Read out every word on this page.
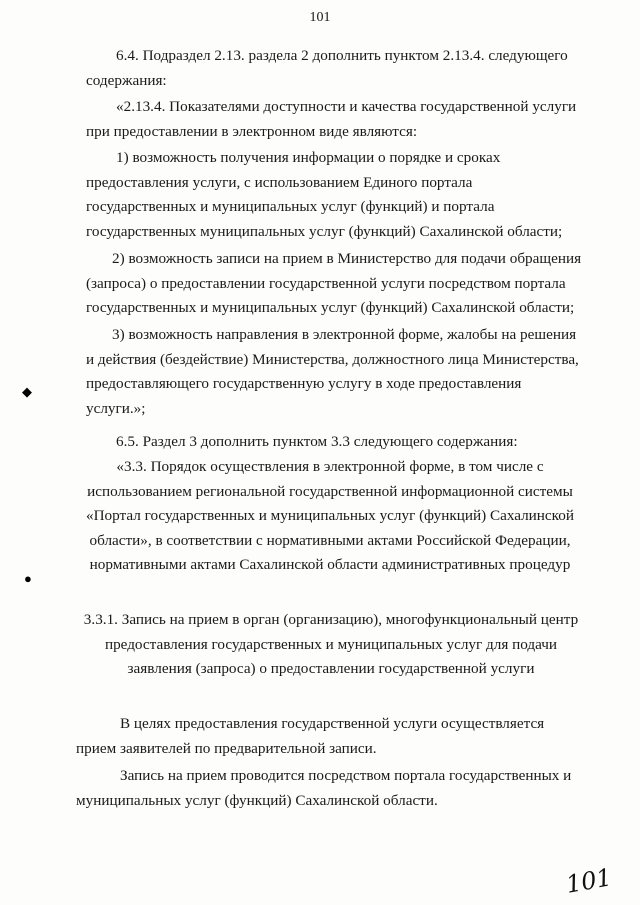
101

6.4. Подраздел 2.13. раздела 2 дополнить пунктом 2.13.4. следующего содержания:

«2.13.4. Показателями доступности и качества государственной услуги при предоставлении в электронном виде являются:

1) возможность получения информации о порядке и сроках предоставления услуги, с использованием Единого портала государственных и муниципальных услуг (функций) и портала государственных муниципальных услуг (функций) Сахалинской области;

2) возможность записи на прием в Министерство для подачи обращения (запроса) о предоставлении государственной услуги посредством портала государственных и муниципальных услуг (функций) Сахалинской области;

3) возможность направления в электронной форме, жалобы на решения и действия (бездействие) Министерства, должностного лица Министерства, предоставляющего государственную услугу в ходе предоставления услуги.»;

◆

6.5. Раздел 3 дополнить пунктом 3.3 следующего содержания:

«3.3. Порядок осуществления в электронной форме, в том числе с использованием региональной государственной информационной системы «Портал государственных и муниципальных услуг (функций) Сахалинской области», в соответствии с нормативными актами Российской Федерации, нормативными актами Сахалинской области административных процедур

●

3.3.1. Запись на прием в орган (организацию), многофункциональный центр предоставления государственных и муниципальных услуг для подачи заявления (запроса) о предоставлении государственной услуги

В целях предоставления государственной услуги осуществляется прием заявителей по предварительной записи.

Запись на прием проводится посредством портала государственных и муниципальных услуг (функций) Сахалинской области.

101
